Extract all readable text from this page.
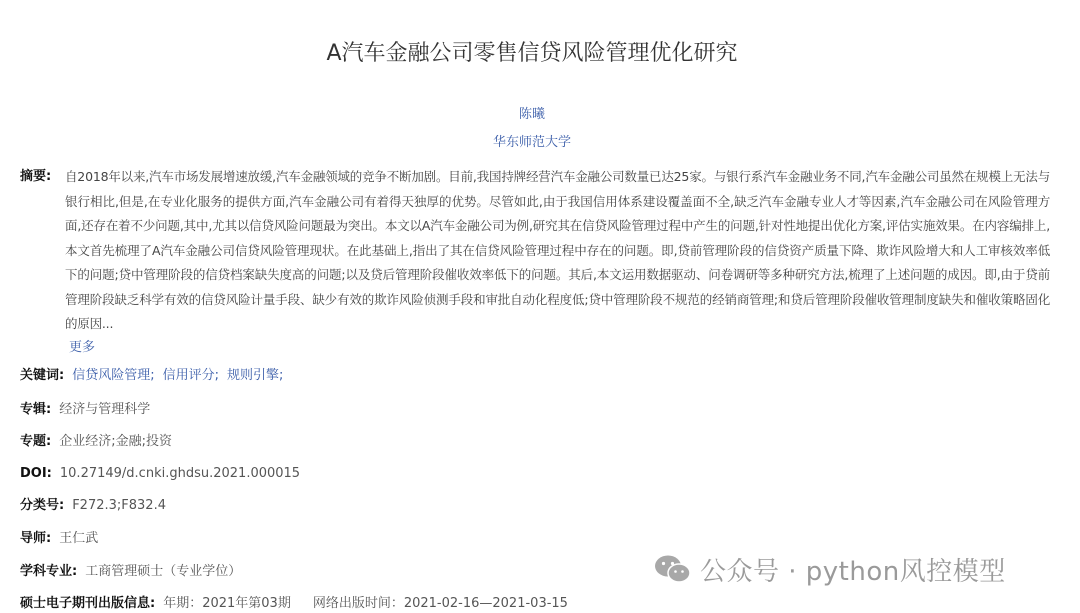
A汽车金融公司零售信贷风险管理优化研究
陈曦
华东师范大学
摘要: 自2018年以来,汽车市场发展增速放缓,汽车金融领域的竞争不断加剧。目前,我国持牌经营汽车金融公司数量已达25家。与银行系汽车金融业务不同,汽车金融公司虽然在规模上无法与银行相比,但是,在专业化服务的提供方面,汽车金融公司有着得天独厚的优势。尽管如此,由于我国信用体系建设覆盖面不全,缺乏汽车金融专业人才等因素,汽车金融公司在风险管理方面,还存在着不少问题,其中,尤其以信贷风险问题最为突出。本文以A汽车金融公司为例,研究其在信贷风险管理过程中产生的问题,针对性地提出优化方案,评估实施效果。在内容编排上,本文首先梳理了A汽车金融公司信贷风险管理现状。在此基础上,指出了其在信贷风险管理过程中存在的问题。即,贷前管理阶段的信贷资产质量下降、欺诈风险增大和人工审核效率低下的问题;贷中管理阶段的信贷档案缺失度高的问题;以及贷后管理阶段催收效率低下的问题。其后,本文运用数据驱动、问卷调研等多种研究方法,梳理了上述问题的成因。即,由于贷前管理阶段缺乏科学有效的信贷风险计量手段、缺少有效的欺诈风险侦测手段和审批自动化程度低;贷中管理阶段不规范的经销商管理;和贷后管理阶段催收管理制度缺失和催收策略固化的原因...
更多
关键词: 信贷风险管理; 信用评分; 规则引擎;
专辑: 经济与管理科学
专题: 企业经济;金融;投资
DOI: 10.27149/d.cnki.ghdsu.2021.000015
分类号: F272.3;F832.4
导师: 王仁武
学科专业: 工商管理硕士（专业学位）
硕士电子期刊出版信息: 年期：2021年第03期 网络出版时间：2021-02-16—2021-03-15
公众号 · python风控模型
